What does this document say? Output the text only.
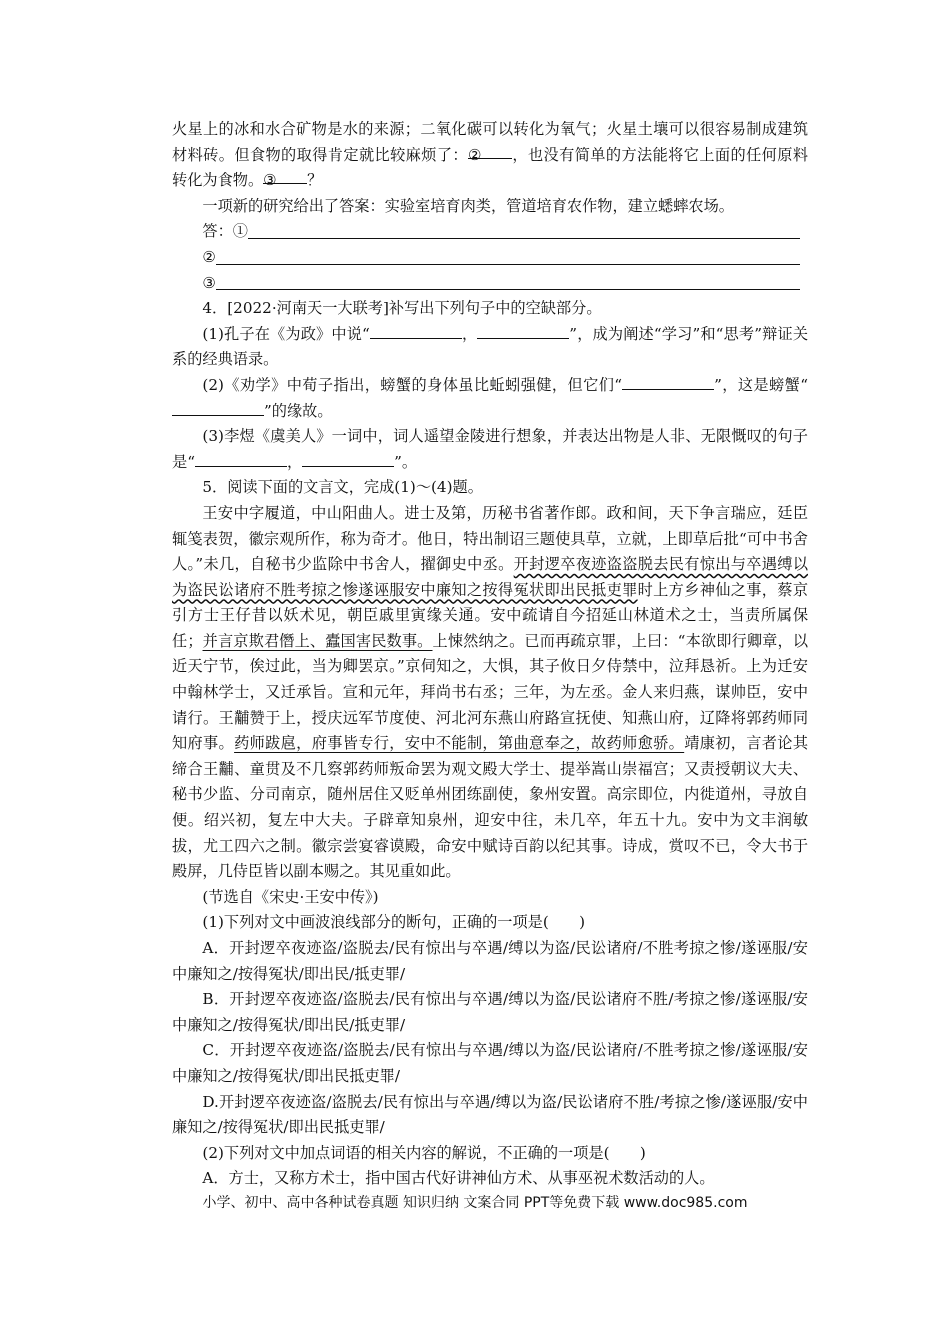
火星上的冰和水合矿物是水的来源；二氧化碳可以转化为氧气；火星土壤可以很容易制成建筑材料砖。但食物的取得肯定就比较麻烦了：② ，也没有简单的方法能将它上面的任何原料转化为食物。③ ？

一项新的研究给出了答案：实验室培育肉类，管道培育农作物，建立蟋蟀农场。

答：①
②
③

4．[2022·河南天一大联考]补写出下列句子中的空缺部分。

(1)孔子在《为政》中说“	，	”，成为阐述“学习”和“思考”辩证关系的经典语录。

(2)《劝学》中荀子指出，螃蟹的身体虽比蚯蚓强健，但它们“	”，这是螃蟹“”的缘故。

(3)李煜《虞美人》一词中，词人遥望金陵进行想象，并表达出物是人非、无限慨叹的句子是“	，	”。

5．阅读下面的文言文，完成(1)～(4)题。

王安中字履道，中山阳曲人。进士及第，历秘书省著作郎。政和间，天下争言瑞应，廷臣辄笺表贺，徽宗观所作，称为奇才。他日，特出制诏三题使具草，立就，上即草后批“可中书舍人。”未几，自秘书少监除中书舍人，擢御史中丞。开封逻卒夜迹盗盗脱去民有惊出与卒遇缚以为盗民讼诸府不胜考掠之惨遂诬服安中廉知之按得冤状即出民抵吏罪时上方乡神仙之事，蔡京引方士王仔昔以妖术见，朝臣戚里寅缘关通。安中疏请自今招延山林道术之士，当责所属保任；并言京欺君僭上、蠹国害民数事。上悚然纳之。已而再疏京罪，上曰：“本欲即行卿章，以近天宁节，俟过此，当为卿罢京。”京伺知之，大惧，其子攸日夕侍禁中，泣拜恳祈。上为迁安中翰林学士，又迁承旨。宣和元年，拜尚书右丞；三年，为左丞。金人来归燕，谋帅臣，安中请行。王黼赞于上，授庆远军节度使、河北河东燕山府路宣抚使、知燕山府，辽降将郭药师同知府事。药师跋扈，府事皆专行，安中不能制，第曲意奉之，故药师愈骄。靖康初，言者论其缔合王黼、童贯及不几察郭药师叛命罢为观文殿大学士、提举嵩山崇福宫；又责授朝议大夫、秘书少监、分司南京，随州居住又贬单州团练副使，象州安置。高宗即位，内徙道州，寻放自便。绍兴初，复左中大夫。子辟章知泉州，迎安中往，未几卒，年五十九。安中为文丰润敏拔，尤工四六之制。徽宗尝宴睿谟殿，命安中赋诗百韵以纪其事。诗成，赏叹不已，令大书于殿屏，几侍臣皆以副本赐之。其见重如此。

(节选自《宋史·王安中传》)

(1)下列对文中画波浪线部分的断句，正确的一项是(　　)

A．开封逻卒夜迹盗/盗脱去/民有惊出与卒遇/缚以为盗/民讼诸府/不胜考掠之惨/遂诬服/安中廉知之/按得冤状/即出民/抵吏罪/

B．开封逻卒夜迹盗/盗脱去/民有惊出与卒遇/缚以为盗/民讼诸府不胜/考掠之惨/遂诬服/安中廉知之/按得冤状/即出民/抵吏罪/

C．开封逻卒夜迹盗/盗脱去/民有惊出与卒遇/缚以为盗/民讼诸府/不胜考掠之惨/遂诬服/安中廉知之/按得冤状/即出民抵吏罪/

D.开封逻卒夜迹盗/盗脱去/民有惊出与卒遇/缚以为盗/民讼诸府不胜/考掠之惨/遂诬服/安中廉知之/按得冤状/即出民抵吏罪/

(2)下列对文中加点词语的相关内容的解说，不正确的一项是(　　)

A．方士，又称方术士，指中国古代好讲神仙方术、从事巫祝术数活动的人。

小学、初中、高中各种试卷真题 知识归纳 文案合同 PPT等免费下载 www.doc985.com
